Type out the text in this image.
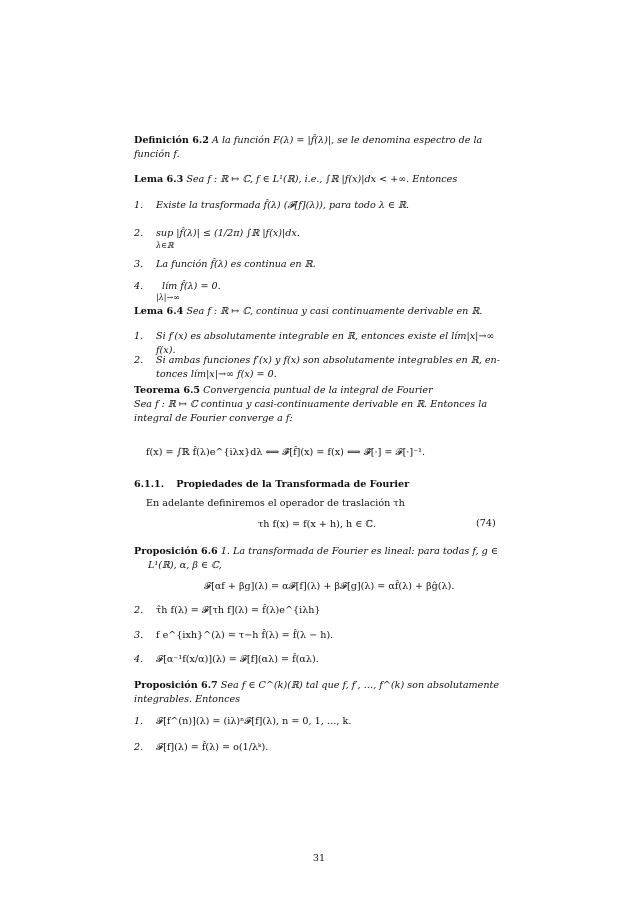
Definición 6.2 A la función F(λ) = |f̂(λ)|, se le denomina espectro de la
función f.
Lema 6.3 Sea f : ℝ ↦ ℂ, f ∈ L¹(ℝ), i.e., ∫ℝ |f(x)|dx < +∞. Entonces
1. Existe la trasformada f̂(λ) (𝓕[f](λ)), para todo λ ∈ ℝ.
2. sup |f̂(λ)| ≤ (1/2π) ∫ℝ |f(x)|dx.
λ∈ℝ
3. La función f̂(λ) es continua en ℝ.
4. lím f̂(λ) = 0.
|λ|→∞
Lema 6.4 Sea f : ℝ ↦ ℂ, continua y casi continuamente derivable en ℝ.
1. Si f′(x) es absolutamente integrable en ℝ, entonces existe el lím|x|→∞ f(x).
2. Si ambas funciones f′(x) y f(x) son absolutamente integrables en ℝ, en-
tonces lím|x|→∞ f(x) = 0.
Teorema 6.5 Convergencia puntual de la integral de Fourier
Sea f : ℝ ↦ ℂ continua y casi-continuamente derivable en ℝ. Entonces la
integral de Fourier converge a f:
f(x) = ∫ℝ f̂(λ)e^{iλx}dλ ⟺ 𝓕̄[f̂](x) = f(x) ⟺ 𝓕̄[·] = 𝓕[·]⁻¹.
6.1.1. Propiedades de la Transformada de Fourier
En adelante definiremos el operador de traslación τh
τh f(x) = f(x + h), h ∈ ℂ.	(74)
Proposición 6.6 1. La transformada de Fourier es lineal: para todas f, g ∈
L¹(ℝ), α, β ∈ ℂ,
𝓕[αf + βg](λ) = α𝓕[f](λ) + β𝓕[g](λ) = αf̂(λ) + βĝ(λ).
2. τ̂h f(λ) = 𝓕[τh f](λ) = f̂(λ)e^{iλh}
3. f e^{ixh}^(λ) = τ−h f̂(λ) = f̂(λ − h).
4. 𝓕[α⁻¹f(x/α)](λ) = 𝓕[f](αλ) = f̂(αλ).
Proposición 6.7 Sea f ∈ C^(k)(ℝ) tal que f, f′, …, f^(k) son absolutamente
integrables. Entonces
1. 𝓕[f^(n)](λ) = (iλ)ⁿ𝓕[f](λ), n = 0, 1, …, k.
2. 𝓕[f](λ) = f̂(λ) = o(1/λᵏ).
31
